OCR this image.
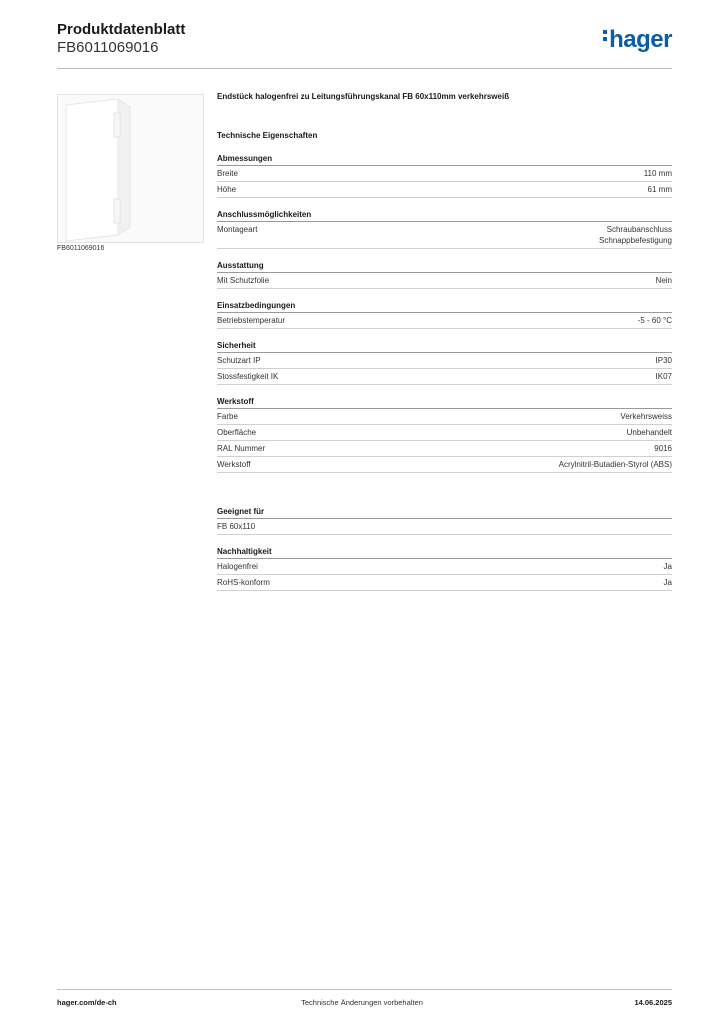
Produktdatenblatt
FB6011069016	hager
FB6011069016
Endstück halogenfrei zu Leitungsführungskanal FB 60x110mm verkehrsweiß
Technische Eigenschaften
Abmessungen
Breite	110 mm
Höhe	61 mm
Anschlussmöglichkeiten
Montageart	Schraubanschluss
Schnappbefestigung
Ausstattung
Mit Schutzfolie	Nein
Einsatzbedingungen
Betriebstemperatur	-5 - 60 °C
Sicherheit
Schutzart IP	IP30
Stossfestigkeit IK	IK07
Werkstoff
Farbe	Verkehrsweiss
Oberfläche	Unbehandelt
RAL Nummer	9016
Werkstoff	Acrylnitril-Butadien-Styrol (ABS)
Geeignet für
FB 60x110
Nachhaltigkeit
Halogenfrei	Ja
RoHS-konform	Ja
hager.com/de-ch	Technische Änderungen vorbehalten	14.06.2025
